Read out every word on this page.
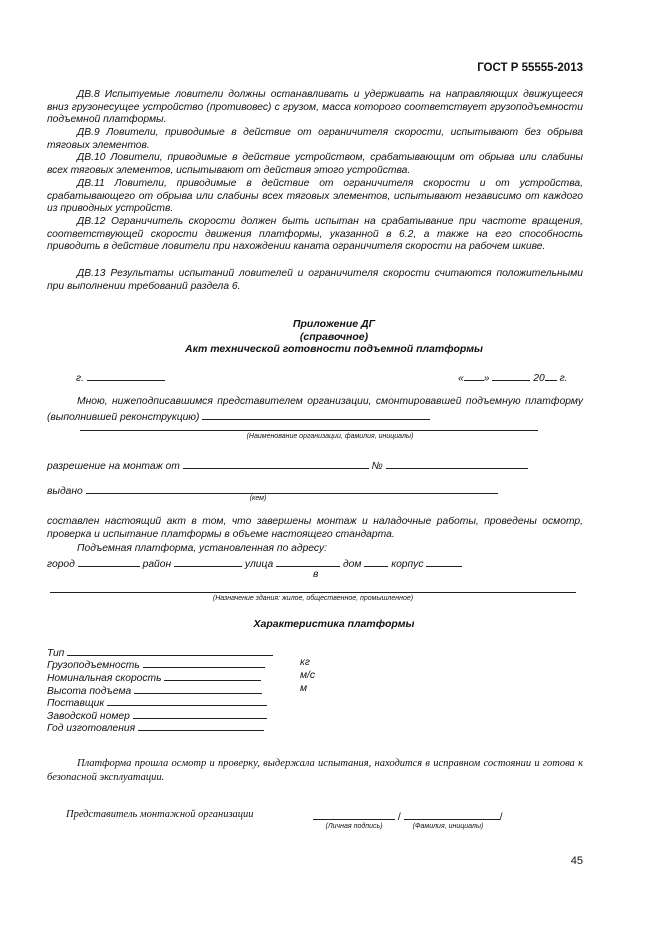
ГОСТ Р 55555-2013

ДВ.8 Испытуемые ловители должны останавливать и удерживать на направляющих движущееся вниз грузонесущее устройство (противовес) с грузом, масса которого соответствует грузоподъемности подъемной платформы.

ДВ.9 Ловители, приводимые в действие от ограничителя скорости, испытывают без обрыва тяговых элементов.

ДВ.10 Ловители, приводимые в действие устройством, срабатывающим от обрыва или слабины всех тяговых элементов, испытывают от действия этого устройства.

ДВ.11 Ловители, приводимые в действие от ограничителя скорости и от устройства, срабатывающего от обрыва или слабины всех тяговых элементов, испытывают независимо от каждого из приводных устройств.

ДВ.12 Ограничитель скорости должен быть испытан на срабатывание при частоте вращения, соответствующей скорости движения платформы, указанной в 6.2, а также на его способность приводить в действие ловители при нахождении каната ограничителя скорости на рабочем шкиве.

ДВ.13 Результаты испытаний ловителей и ограничителя скорости считаются положительными при выполнении требований раздела 6.

Приложение ДГ
(справочное)
Акт технической готовности подъемной платформы
г.	« »	20 г.

Мною, нижеподписавшимся представителем организации, смонтировавшей подъемную платформу (выполнившей реконструкцию)

(Наименование организации, фамилия, инициалы)
разрешение на монтаж от	№
выдано
(кем)

составлен настоящий акт в том, что завершены монтаж и наладочные работы, проведены осмотр, проверка и испытание платформы в объеме настоящего стандарта.

Подъемная платформа, установленная по адресу:

город	район	улица	дом	корпус
в
(Назначение здания: жилое, общественное, промышленное)
Характеристика платформы
Тип
Грузоподъемность	кг
Номинальная скорость	м/с
Высота подъема	м
Поставщик
Заводской номер
Год изготовления

Платформа прошла осмотр и проверку, выдержала испытания, находится в исправном состоянии и готова к безопасной эксплуатации.

Представитель монтажной организации	/	/
(Личная подпись)	(Фамилия, инициалы)
45
